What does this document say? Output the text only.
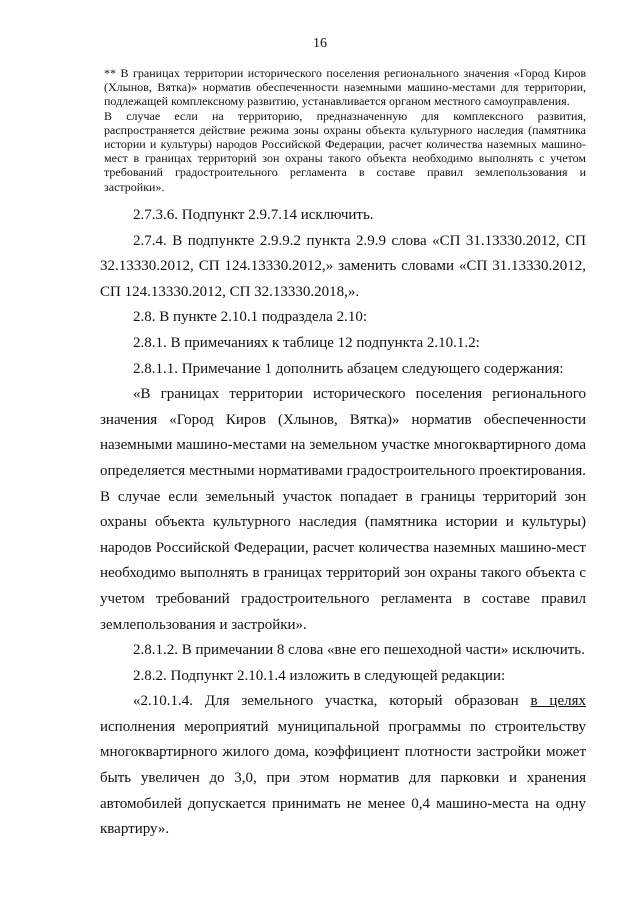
16

** В границах территории исторического поселения регионального значения «Город Киров (Хлынов, Вятка)» норматив обеспеченности наземными машино-местами для территории, подлежащей комплексному развитию, устанавливается органом местного самоуправления.

В случае если на территорию, предназначенную для комплексного развития, распространяется действие режима зоны охраны объекта культурного наследия (памятника истории и культуры) народов Российской Федерации, расчет количества наземных машино-мест в границах территорий зон охраны такого объекта необходимо выполнять с учетом требований градостроительного регламента в составе правил землепользования и застройки».

2.7.3.6. Подпункт 2.9.7.14 исключить.

2.7.4. В подпункте 2.9.9.2 пункта 2.9.9 слова «СП 31.13330.2012, СП 32.13330.2012, СП 124.13330.2012,» заменить словами «СП 31.13330.2012, СП 124.13330.2012, СП 32.13330.2018,».

2.8. В пункте 2.10.1 подраздела 2.10:

2.8.1. В примечаниях к таблице 12 подпункта 2.10.1.2:

2.8.1.1. Примечание 1 дополнить абзацем следующего содержания:

«В границах территории исторического поселения регионального значения «Город Киров (Хлынов, Вятка)» норматив обеспеченности наземными машино-местами на земельном участке многоквартирного дома определяется местными нормативами градостроительного проектирования. В случае если земельный участок попадает в границы территорий зон охраны объекта культурного наследия (памятника истории и культуры) народов Российской Федерации, расчет количества наземных машино-мест необходимо выполнять в границах территорий зон охраны такого объекта с учетом требований градостроительного регламента в составе правил землепользования и застройки».

2.8.1.2. В примечании 8 слова «вне его пешеходной части» исключить.

2.8.2. Подпункт 2.10.1.4 изложить в следующей редакции:

«2.10.1.4. Для земельного участка, который образован в целях исполнения мероприятий муниципальной программы по строительству многоквартирного жилого дома, коэффициент плотности застройки может быть увеличен до 3,0, при этом норматив для парковки и хранения автомобилей допускается принимать не менее 0,4 машино-места на одну квартиру».
